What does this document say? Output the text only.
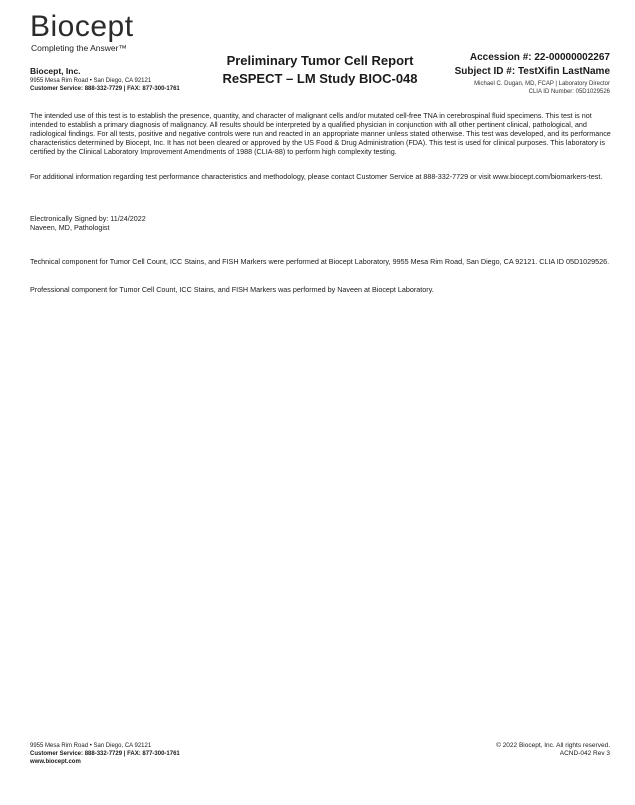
Biocept
Completing the Answer™
Biocept, Inc.
9955 Mesa Rim Road • San Diego, CA 92121
Customer Service: 888-332-7729 | FAX: 877-300-1761
Preliminary Tumor Cell Report
ReSPECT – LM Study BIOC-048
Accession #: 22-00000002267
Subject ID #: TestXifin LastName
Michael C. Dugan, MD, FCAP | Laboratory Director
CLIA ID Number: 05D1029526
The intended use of this test is to establish the presence, quantity, and character of malignant cells and/or mutated cell-free TNA in cerebrospinal fluid specimens. This test is not intended to establish a primary diagnosis of malignancy. All results should be interpreted by a qualified physician in conjunction with all other pertinent clinical, pathological, and radiological findings. For all tests, positive and negative controls were run and reacted in an appropriate manner unless stated otherwise. This test was developed, and its performance characteristics determined by Biocept, Inc. It has not been cleared or approved by the US Food & Drug Administration (FDA). This test is used for clinical purposes. This laboratory is certified by the Clinical Laboratory Improvement Amendments of 1988 (CLIA-88) to perform high complexity testing.
For additional information regarding test performance characteristics and methodology, please contact Customer Service at 888-332-7729 or visit www.biocept.com/biomarkers-test.
Electronically Signed by: 11/24/2022
Naveen, MD, Pathologist
Technical component for Tumor Cell Count, ICC Stains, and FISH Markers were performed at Biocept Laboratory, 9955 Mesa Rim Road, San Diego, CA 92121. CLIA ID 05D1029526.
Professional component for Tumor Cell Count, ICC Stains, and FISH Markers was performed by Naveen at Biocept Laboratory.
9955 Mesa Rim Road • San Diego, CA 92121
Customer Service: 888-332-7729 | FAX: 877-300-1761
www.biocept.com
© 2022 Biocept, Inc. All rights reserved.
ACND-042 Rev 3
